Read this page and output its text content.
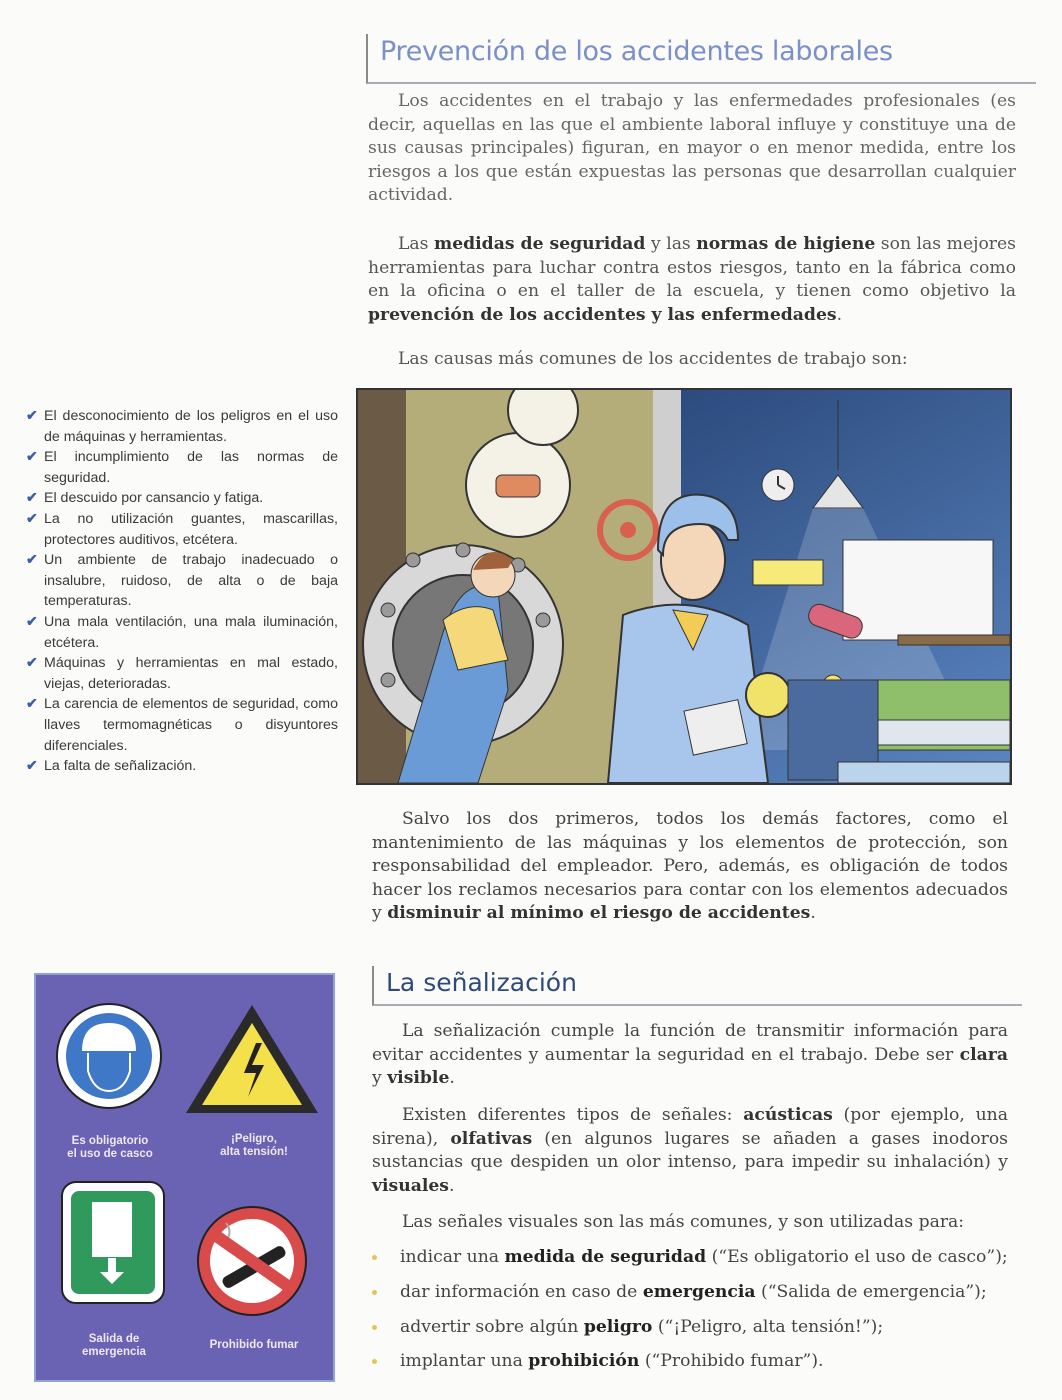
Prevención de los accidentes laborales

Los accidentes en el trabajo y las enfermedades profesionales (es decir, aquellas en las que el ambiente laboral influye y constituye una de sus causas principales) figuran, en mayor o en menor medida, entre los riesgos a los que están expuestas las personas que desarrollan cualquier actividad.

Las medidas de seguridad y las normas de higiene son las mejores herramientas para luchar contra estos riesgos, tanto en la fábrica como en la oficina o en el taller de la escuela, y tienen como objetivo la prevención de los accidentes y las enfermedades.

Las causas más comunes de los accidentes de trabajo son:

✔ El desconocimiento de los peligros en el uso de máquinas y herramientas.
✔ El incumplimiento de las normas de seguridad.
✔ El descuido por cansancio y fatiga.
✔ La no utilización guantes, mascarillas, protectores auditivos, etcétera.
✔ Un ambiente de trabajo inadecuado o insalubre, ruidoso, de alta o de baja temperaturas.
✔ Una mala ventilación, una mala iluminación, etcétera.
✔ Máquinas y herramientas en mal estado, viejas, deterioradas.
✔ La carencia de elementos de seguridad, como llaves termomagnéticas o disyuntores diferenciales.
✔ La falta de señalización.

Salvo los dos primeros, todos los demás factores, como el mantenimiento de las máquinas y los elementos de protección, son responsabilidad del empleador. Pero, además, es obligación de todos hacer los reclamos necesarios para contar con los elementos adecuados y disminuir al mínimo el riesgo de accidentes.

La señalización

La señalización cumple la función de transmitir información para evitar accidentes y aumentar la seguridad en el trabajo. Debe ser clara y visible.

Existen diferentes tipos de señales: acústicas (por ejemplo, una sirena), olfativas (en algunos lugares se añaden a gases inodoros sustancias que despiden un olor intenso, para impedir su inhalación) y visuales.

Las señales visuales son las más comunes, y son utilizadas para:

indicar una medida de seguridad (“Es obligatorio el uso de casco”);
dar información en caso de emergencia (“Salida de emergencia”);
advertir sobre algún peligro (“¡Peligro, alta tensión!”);
implantar una prohibición (“Prohibido fumar”).
Es obligatorio
el uso de casco
¡Peligro,
alta tensión!
Salida de
emergencia
Prohibido fumar
